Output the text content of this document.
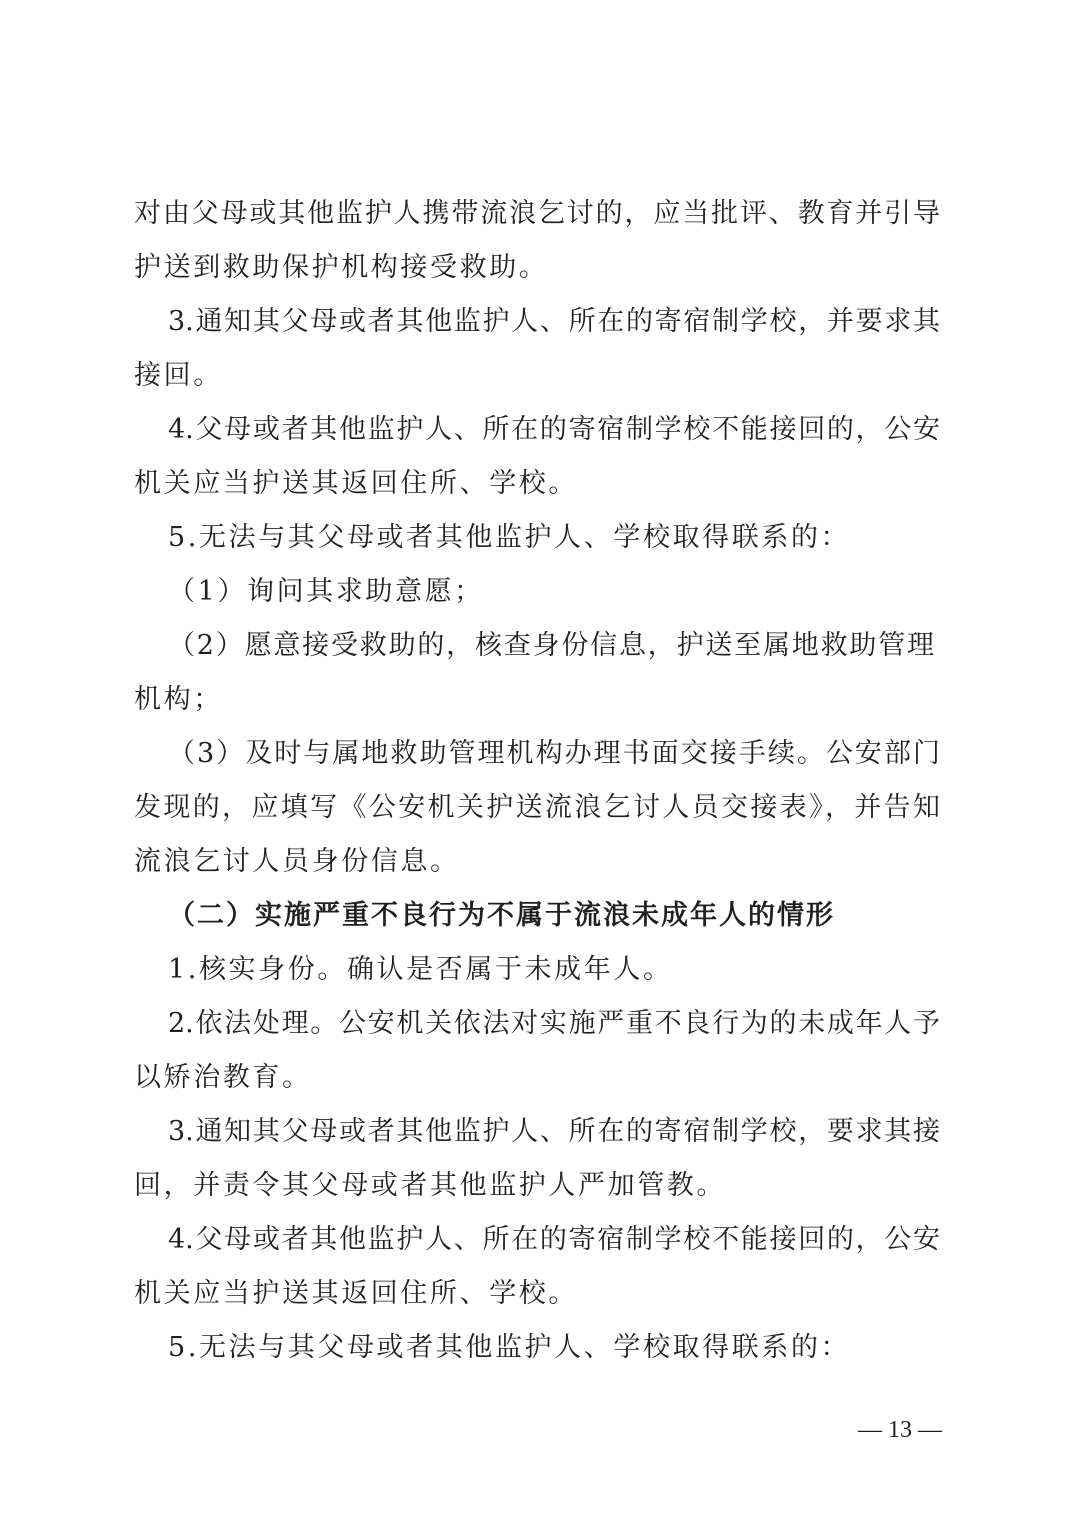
对由父母或其他监护人携带流浪乞讨的，应当批评、教育并引导
护送到救助保护机构接受救助。
3.通知其父母或者其他监护人、所在的寄宿制学校，并要求其
接回。
4.父母或者其他监护人、所在的寄宿制学校不能接回的，公安
机关应当护送其返回住所、学校。
5.无法与其父母或者其他监护人、学校取得联系的：
（1）询问其求助意愿；
（2）愿意接受救助的，核查身份信息，护送至属地救助管理
机构；
（3）及时与属地救助管理机构办理书面交接手续。公安部门
发现的，应填写《公安机关护送流浪乞讨人员交接表》，并告知
流浪乞讨人员身份信息。
（二）实施严重不良行为不属于流浪未成年人的情形
1.核实身份。确认是否属于未成年人。
2.依法处理。公安机关依法对实施严重不良行为的未成年人予
以矫治教育。
3.通知其父母或者其他监护人、所在的寄宿制学校，要求其接
回，并责令其父母或者其他监护人严加管教。
4.父母或者其他监护人、所在的寄宿制学校不能接回的，公安
机关应当护送其返回住所、学校。
5.无法与其父母或者其他监护人、学校取得联系的：
— 13 —
